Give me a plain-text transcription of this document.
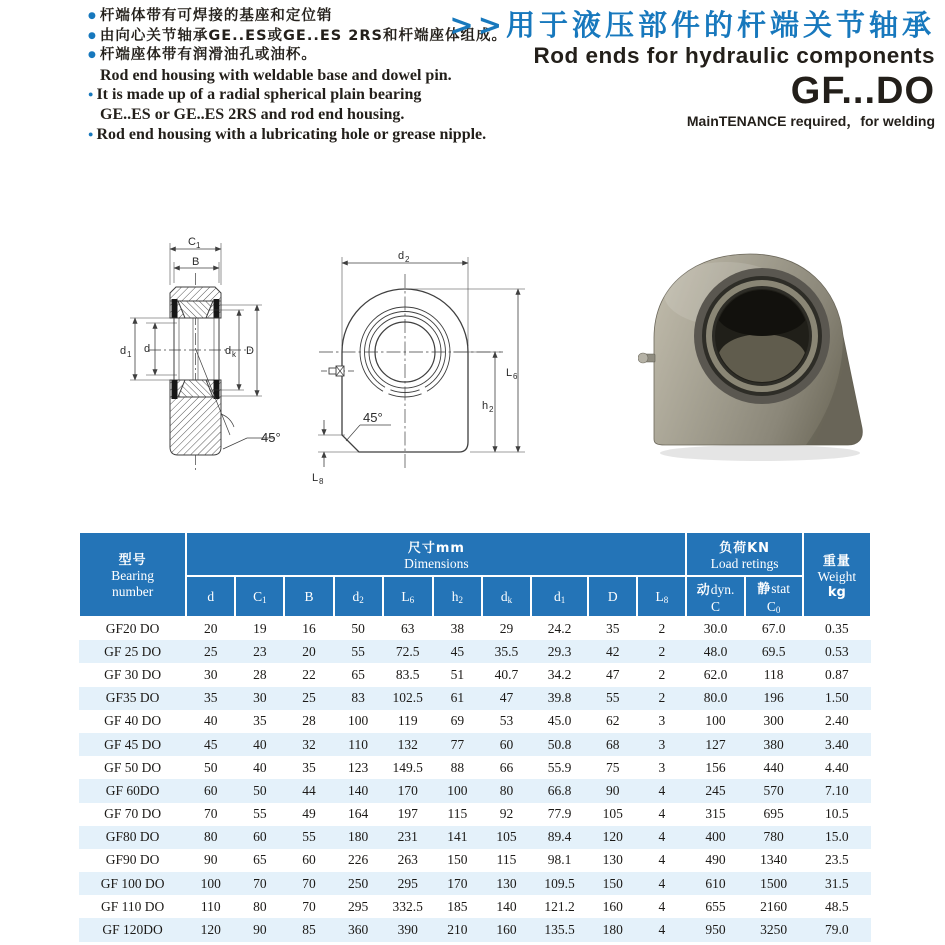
● 杆端体带有可焊接的基座和定位销
● 由向心关节轴承GE..ES或GE..ES 2RS和杆端座体组成。
● 杆端座体带有润滑油孔或油杯。
Rod end housing with weldable base and dowel pin.
● It is made up of a radial spherical plain bearing
GE..ES or GE..ES 2RS and rod end housing.
● Rod end housing with a lubricating hole or grease nipple.
>>用于液压部件的杆端关节轴承
Rod ends for hydraulic components
GF...DO
MainTENANCE required，for welding
C 1
B
d 1 d	d k D
45°
d 2
L 6
h 2
45°
L 8
型号
Bearing
number

尺寸mm
Dimensions

负荷KN
Load retings	重量
Weight
kg

d	$C_1$	B	$d_2$	$L_6$	$h_2$	$d_k$	$d_1$	D	$L_8$	
动dyn.
C

静stat
$C_0$

GF20 DO	20	19	16	50	63	38	29	24.2	35	2	30.0	67.0	0.35
GF 25 DO	25	23	20	55	72.5	45	35.5	29.3	42	2	48.0	69.5	0.53
GF 30 DO	30	28	22	65	83.5	51	40.7	34.2	47	2	62.0	118	0.87
GF35 DO	35	30	25	83	102.5	61	47	39.8	55	2	80.0	196	1.50
GF 40 DO	40	35	28	100	119	69	53	45.0	62	3	100	300	2.40
GF 45 DO	45	40	32	110	132	77	60	50.8	68	3	127	380	3.40
GF 50 DO	50	40	35	123	149.5	88	66	55.9	75	3	156	440	4.40
GF 60DO	60	50	44	140	170	100	80	66.8	90	4	245	570	7.10
GF 70 DO	70	55	49	164	197	115	92	77.9	105	4	315	695	10.5
GF80 DO	80	60	55	180	231	141	105	89.4	120	4	400	780	15.0
GF90 DO	90	65	60	226	263	150	115	98.1	130	4	490	1340	23.5
GF 100 DO	100	70	70	250	295	170	130	109.5	150	4	610	1500	31.5
GF 110 DO	110	80	70	295	332.5	185	140	121.2	160	4	655	2160	48.5
GF 120DO	120	90	85	360	390	210	160	135.5	180	4	950	3250	79.0
